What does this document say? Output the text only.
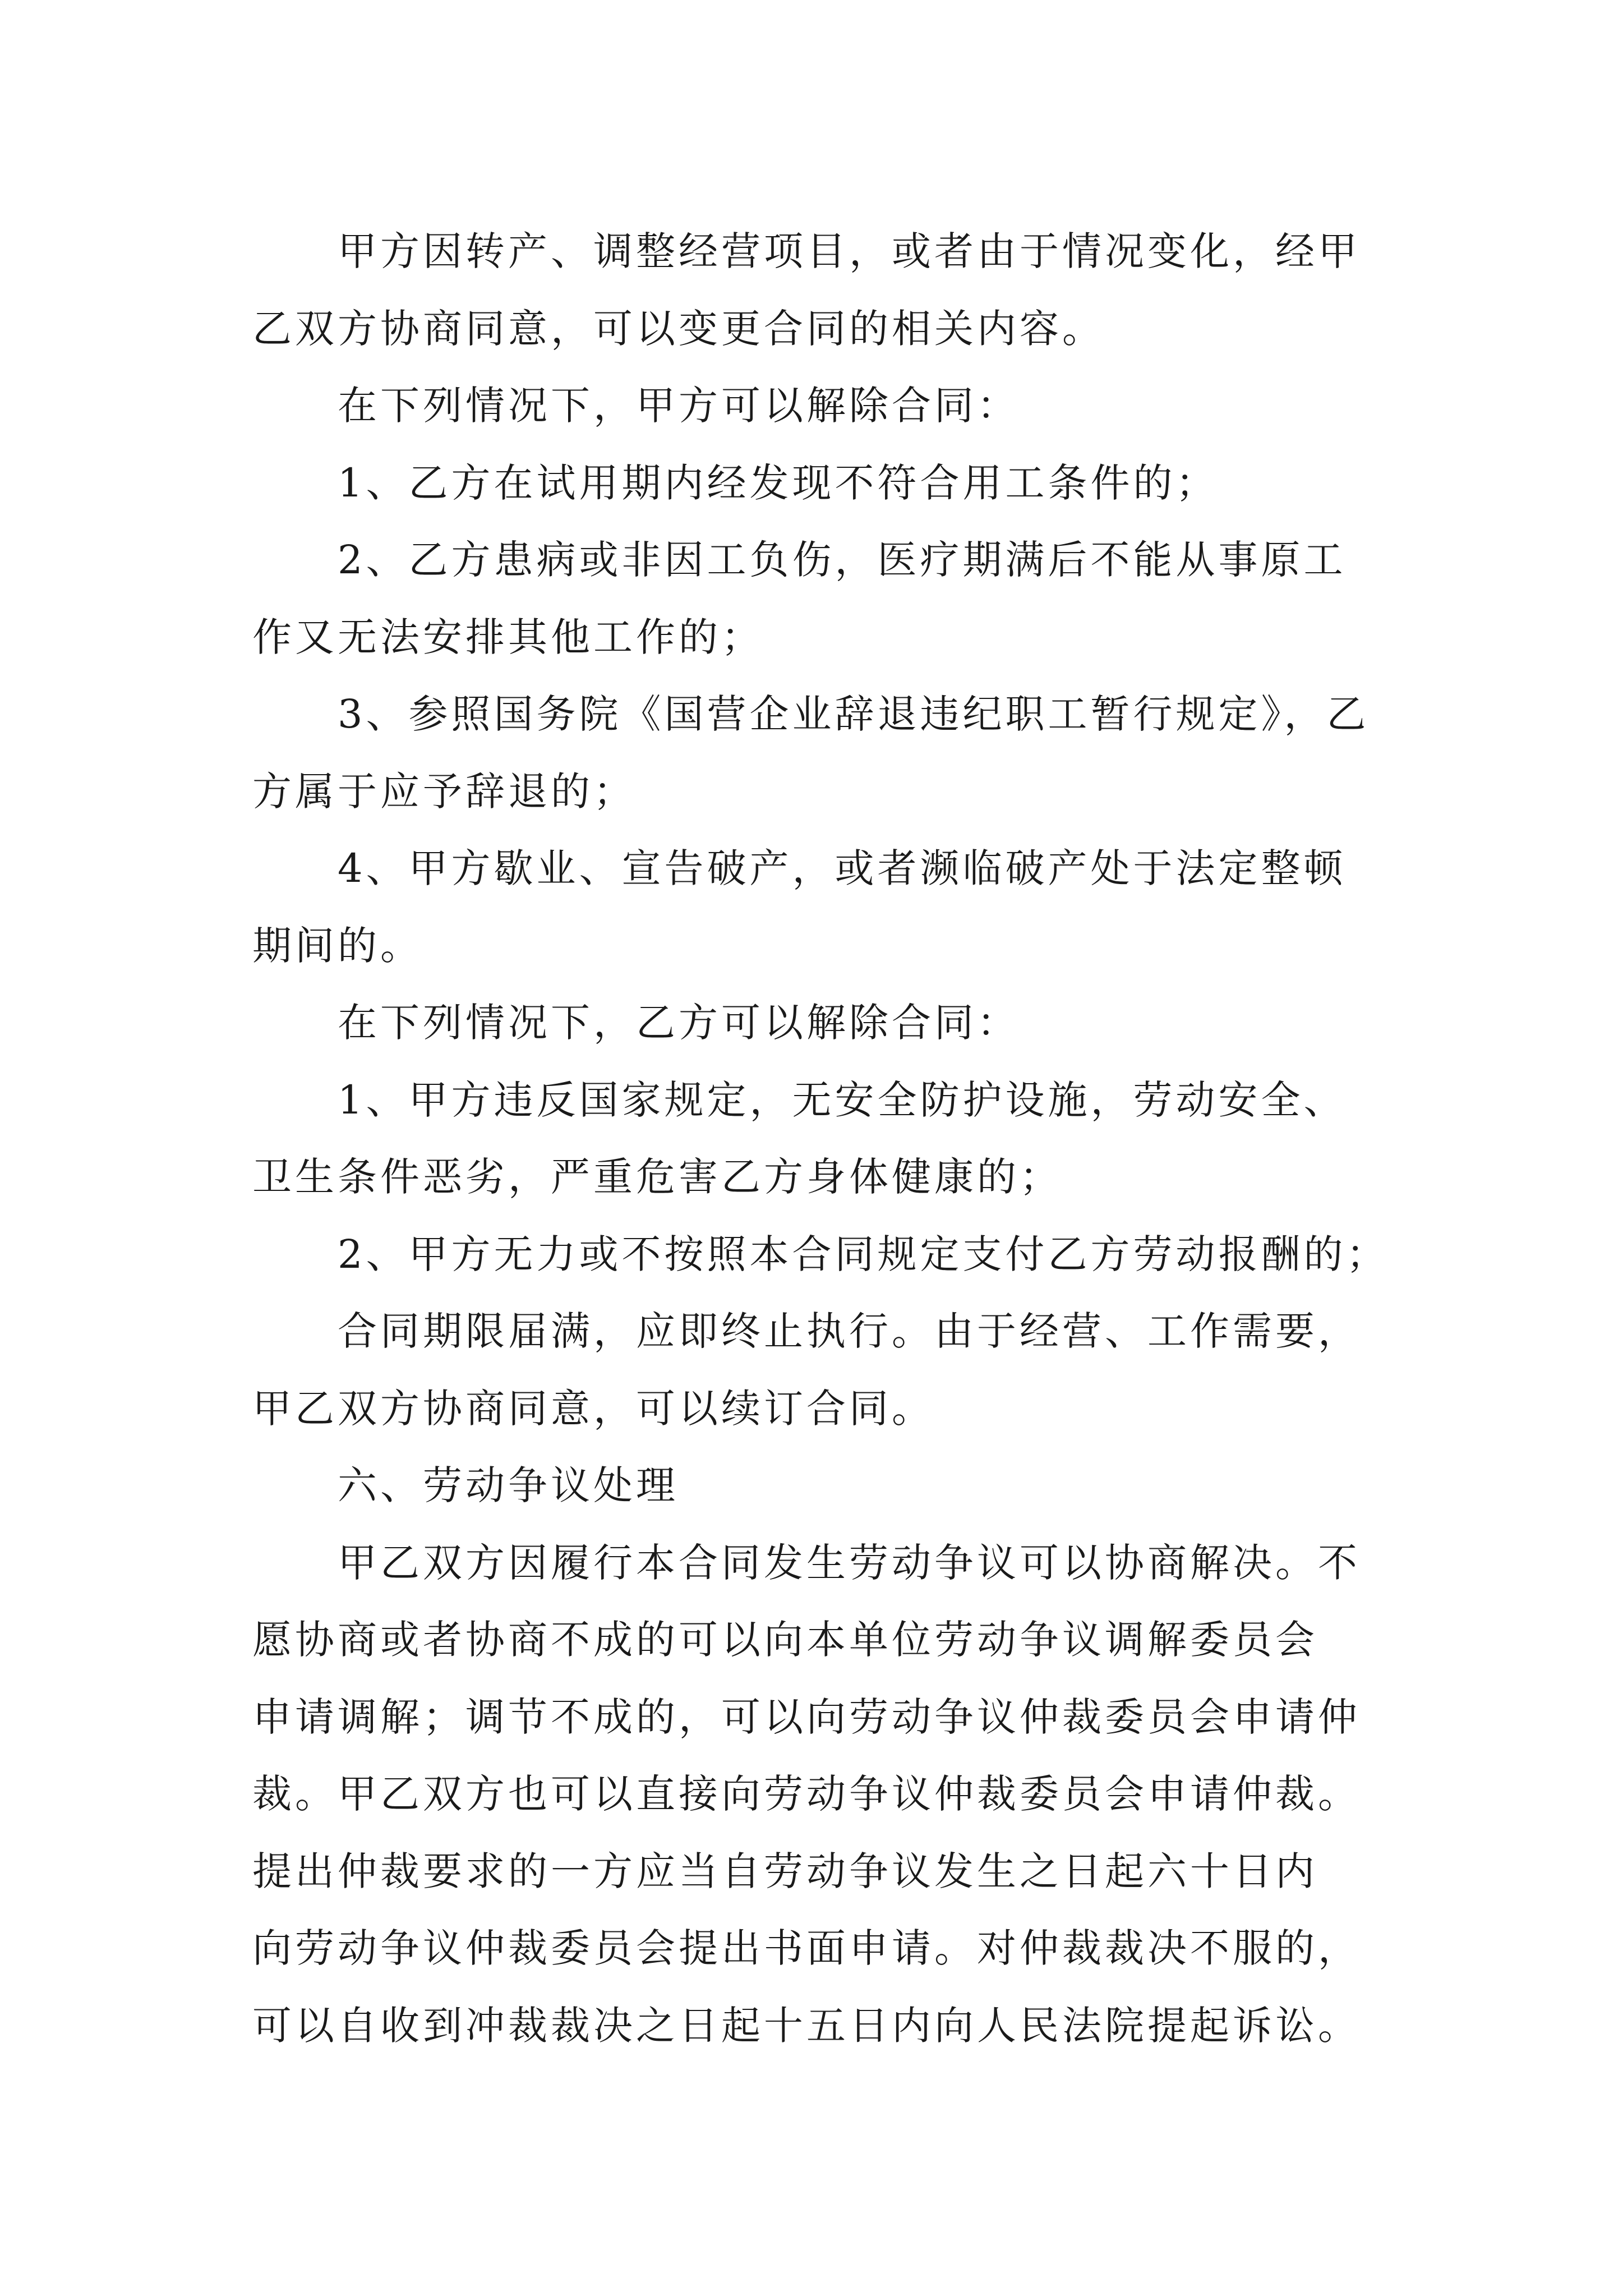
甲方因转产、调整经营项目，或者由于情况变化，经甲
乙双方协商同意，可以变更合同的相关内容。
在下列情况下，甲方可以解除合同：
1、乙方在试用期内经发现不符合用工条件的；
2、乙方患病或非因工负伤，医疗期满后不能从事原工
作又无法安排其他工作的；
3、参照国务院《国营企业辞退违纪职工暂行规定》，乙
方属于应予辞退的；
4、甲方歇业、宣告破产，或者濒临破产处于法定整顿
期间的。
在下列情况下，乙方可以解除合同：
1、甲方违反国家规定，无安全防护设施，劳动安全、
卫生条件恶劣，严重危害乙方身体健康的；
2、甲方无力或不按照本合同规定支付乙方劳动报酬的；
合同期限届满，应即终止执行。由于经营、工作需要，
甲乙双方协商同意，可以续订合同。
六、劳动争议处理
甲乙双方因履行本合同发生劳动争议可以协商解决。不
愿协商或者协商不成的可以向本单位劳动争议调解委员会
申请调解；调节不成的，可以向劳动争议仲裁委员会申请仲
裁。甲乙双方也可以直接向劳动争议仲裁委员会申请仲裁。
提出仲裁要求的一方应当自劳动争议发生之日起六十日内
向劳动争议仲裁委员会提出书面申请。对仲裁裁决不服的，
可以自收到冲裁裁决之日起十五日内向人民法院提起诉讼。
